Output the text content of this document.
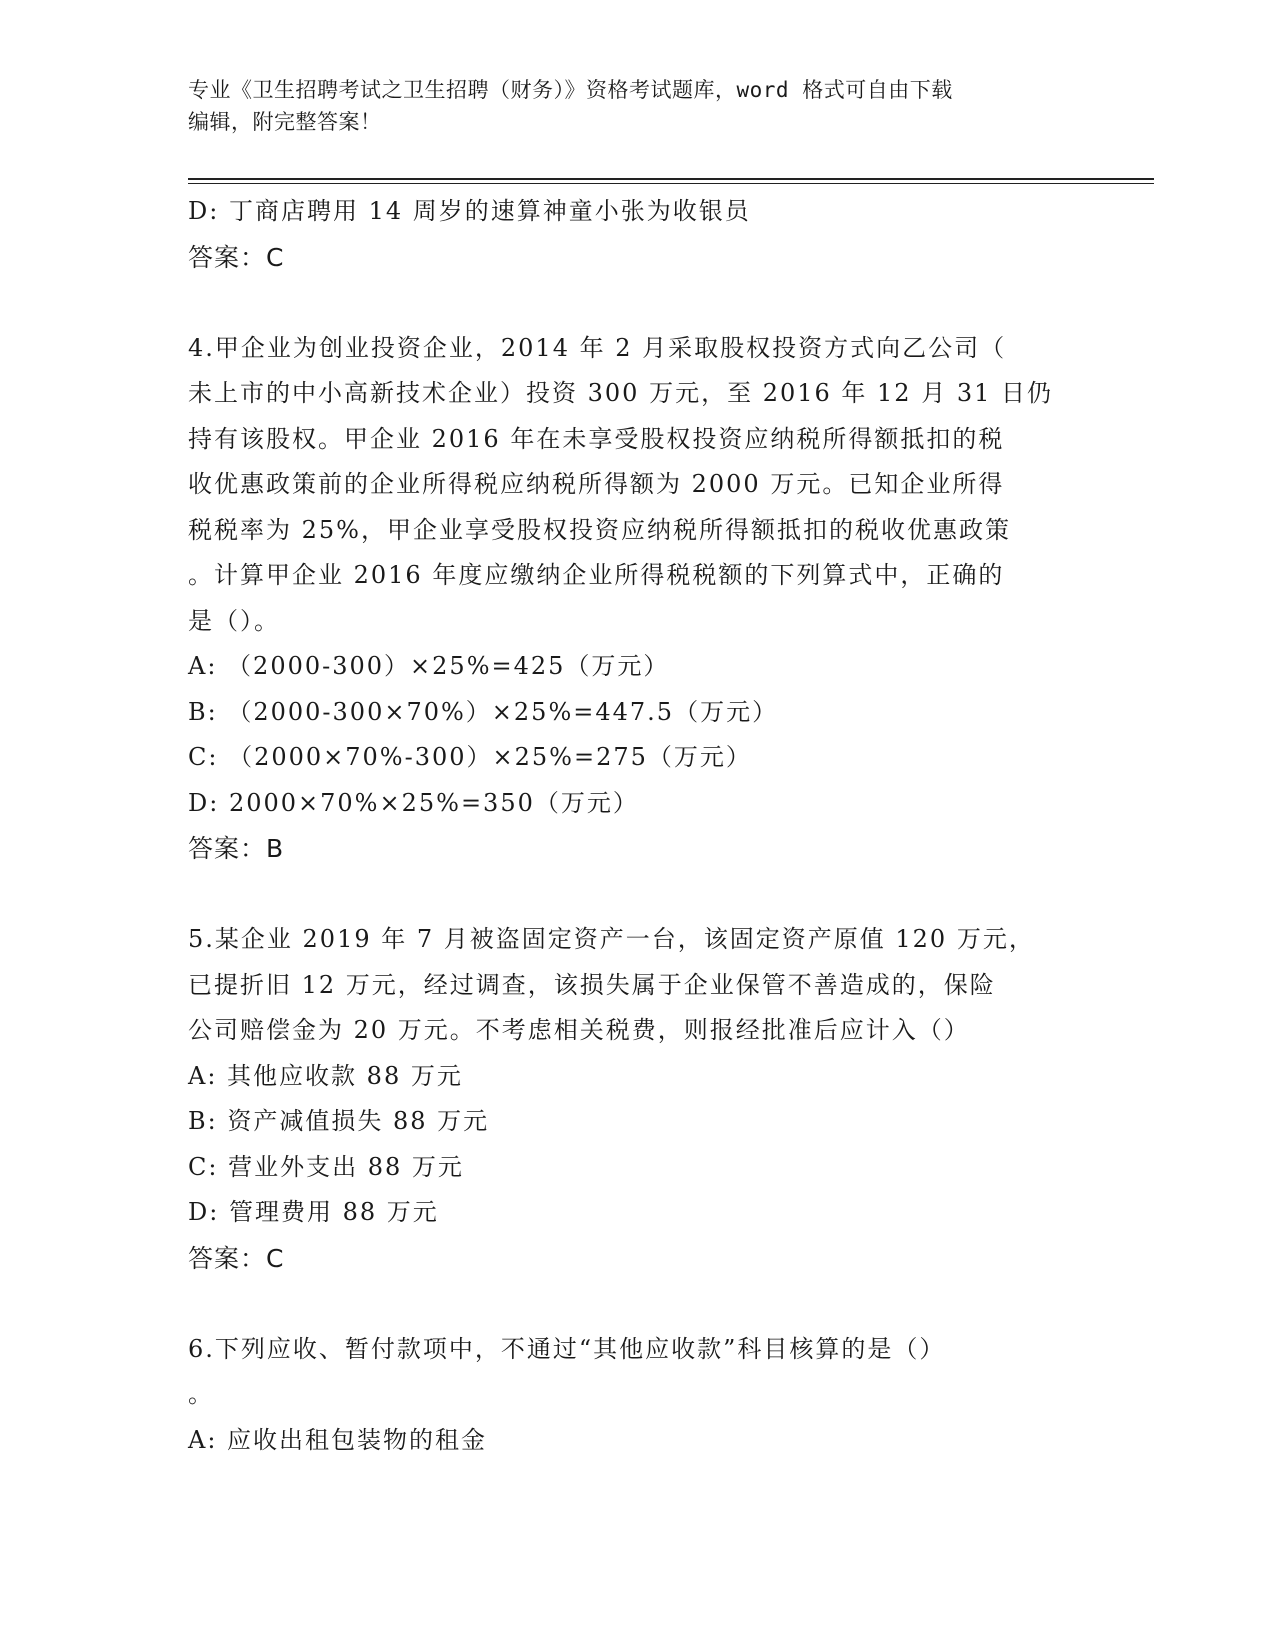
专业《卫生招聘考试之卫生招聘（财务）》资格考试题库，word 格式可自由下载
编辑，附完整答案！
D: 丁商店聘用 14 周岁的速算神童小张为收银员
答案：C
4.甲企业为创业投资企业，2014 年 2 月采取股权投资方式向乙公司（
未上市的中小高新技术企业）投资 300 万元，至 2016 年 12 月 31 日仍
持有该股权。甲企业 2016 年在未享受股权投资应纳税所得额抵扣的税
收优惠政策前的企业所得税应纳税所得额为 2000 万元。已知企业所得
税税率为 25%，甲企业享受股权投资应纳税所得额抵扣的税收优惠政策
。计算甲企业 2016 年度应缴纳企业所得税税额的下列算式中，正确的
是（）。
A: （2000-300）×25%=425（万元）
B: （2000-300×70%）×25%=447.5（万元）
C: （2000×70%-300）×25%=275（万元）
D: 2000×70%×25%=350（万元）
答案：B
5.某企业 2019 年 7 月被盗固定资产一台，该固定资产原值 120 万元，
已提折旧 12 万元，经过调查，该损失属于企业保管不善造成的，保险
公司赔偿金为 20 万元。不考虑相关税费，则报经批准后应计入（）
A: 其他应收款 88 万元
B: 资产减值损失 88 万元
C: 营业外支出 88 万元
D: 管理费用 88 万元
答案：C
6.下列应收、暂付款项中，不通过“其他应收款”科目核算的是（）
。
A: 应收出租包装物的租金
